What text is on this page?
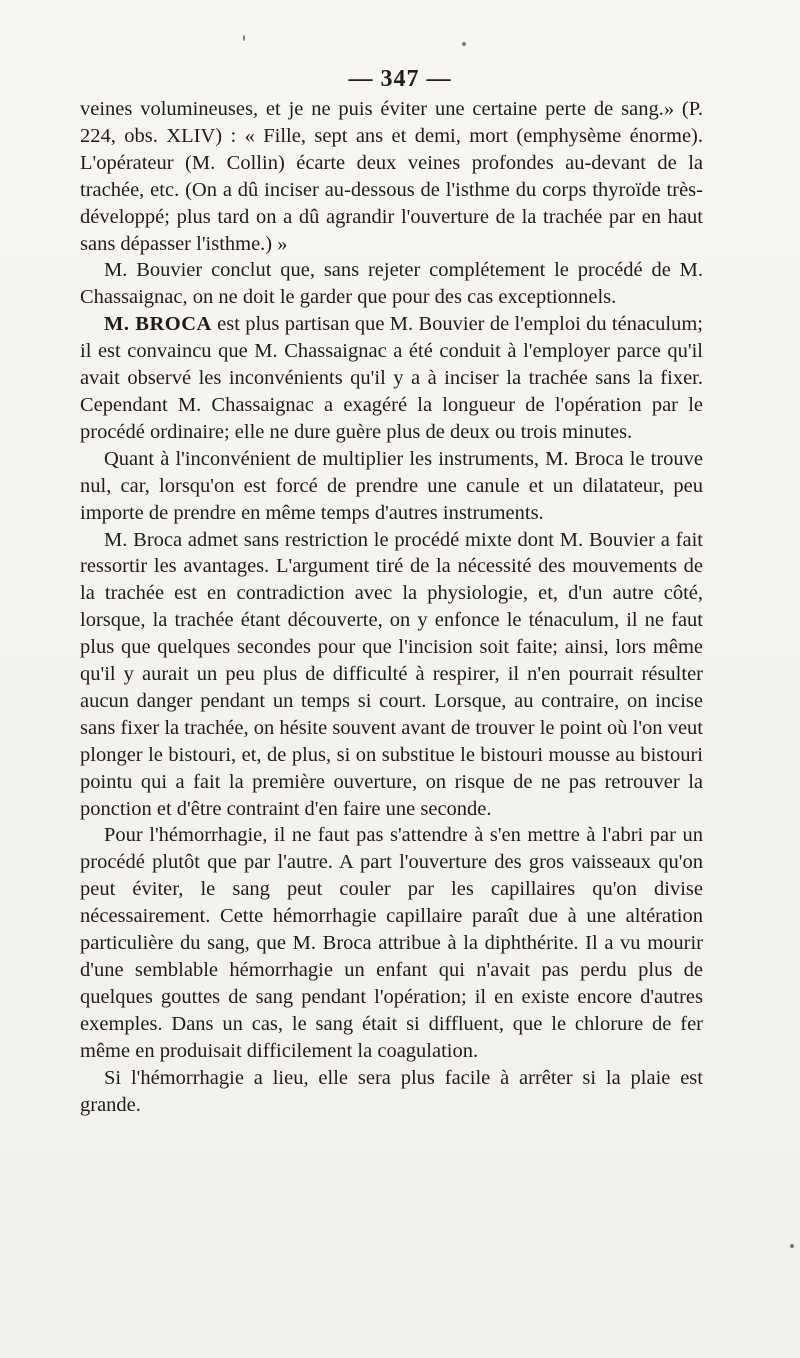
— 347 —

veines volumineuses, et je ne puis éviter une certaine perte de sang.» (P. 224, obs. XLIV) : « Fille, sept ans et demi, mort (emphysème énorme). L'opérateur (M. Collin) écarte deux veines profondes au-devant de la trachée, etc. (On a dû inciser au-dessous de l'isthme du corps thyroïde très-développé; plus tard on a dû agrandir l'ouverture de la trachée par en haut sans dépasser l'isthme.) »

M. Bouvier conclut que, sans rejeter complétement le procédé de M. Chassaignac, on ne doit le garder que pour des cas exceptionnels.

M. BROCA est plus partisan que M. Bouvier de l'emploi du ténaculum; il est convaincu que M. Chassaignac a été conduit à l'employer parce qu'il avait observé les inconvénients qu'il y a à inciser la trachée sans la fixer. Cependant M. Chassaignac a exagéré la longueur de l'opération par le procédé ordinaire; elle ne dure guère plus de deux ou trois minutes.

Quant à l'inconvénient de multiplier les instruments, M. Broca le trouve nul, car, lorsqu'on est forcé de prendre une canule et un dilatateur, peu importe de prendre en même temps d'autres instruments.

M. Broca admet sans restriction le procédé mixte dont M. Bouvier a fait ressortir les avantages. L'argument tiré de la nécessité des mouvements de la trachée est en contradiction avec la physiologie, et, d'un autre côté, lorsque, la trachée étant découverte, on y enfonce le ténaculum, il ne faut plus que quelques secondes pour que l'incision soit faite; ainsi, lors même qu'il y aurait un peu plus de difficulté à respirer, il n'en pourrait résulter aucun danger pendant un temps si court. Lorsque, au contraire, on incise sans fixer la trachée, on hésite souvent avant de trouver le point où l'on veut plonger le bistouri, et, de plus, si on substitue le bistouri mousse au bistouri pointu qui a fait la première ouverture, on risque de ne pas retrouver la ponction et d'être contraint d'en faire une seconde.

Pour l'hémorrhagie, il ne faut pas s'attendre à s'en mettre à l'abri par un procédé plutôt que par l'autre. A part l'ouverture des gros vaisseaux qu'on peut éviter, le sang peut couler par les capillaires qu'on divise nécessairement. Cette hémorrhagie capillaire paraît due à une altération particulière du sang, que M. Broca attribue à la diphthérite. Il a vu mourir d'une semblable hémorrhagie un enfant qui n'avait pas perdu plus de quelques gouttes de sang pendant l'opération; il en existe encore d'autres exemples. Dans un cas, le sang était si diffluent, que le chlorure de fer même en produisait difficilement la coagulation.

Si l'hémorrhagie a lieu, elle sera plus facile à arrêter si la plaie est grande.
